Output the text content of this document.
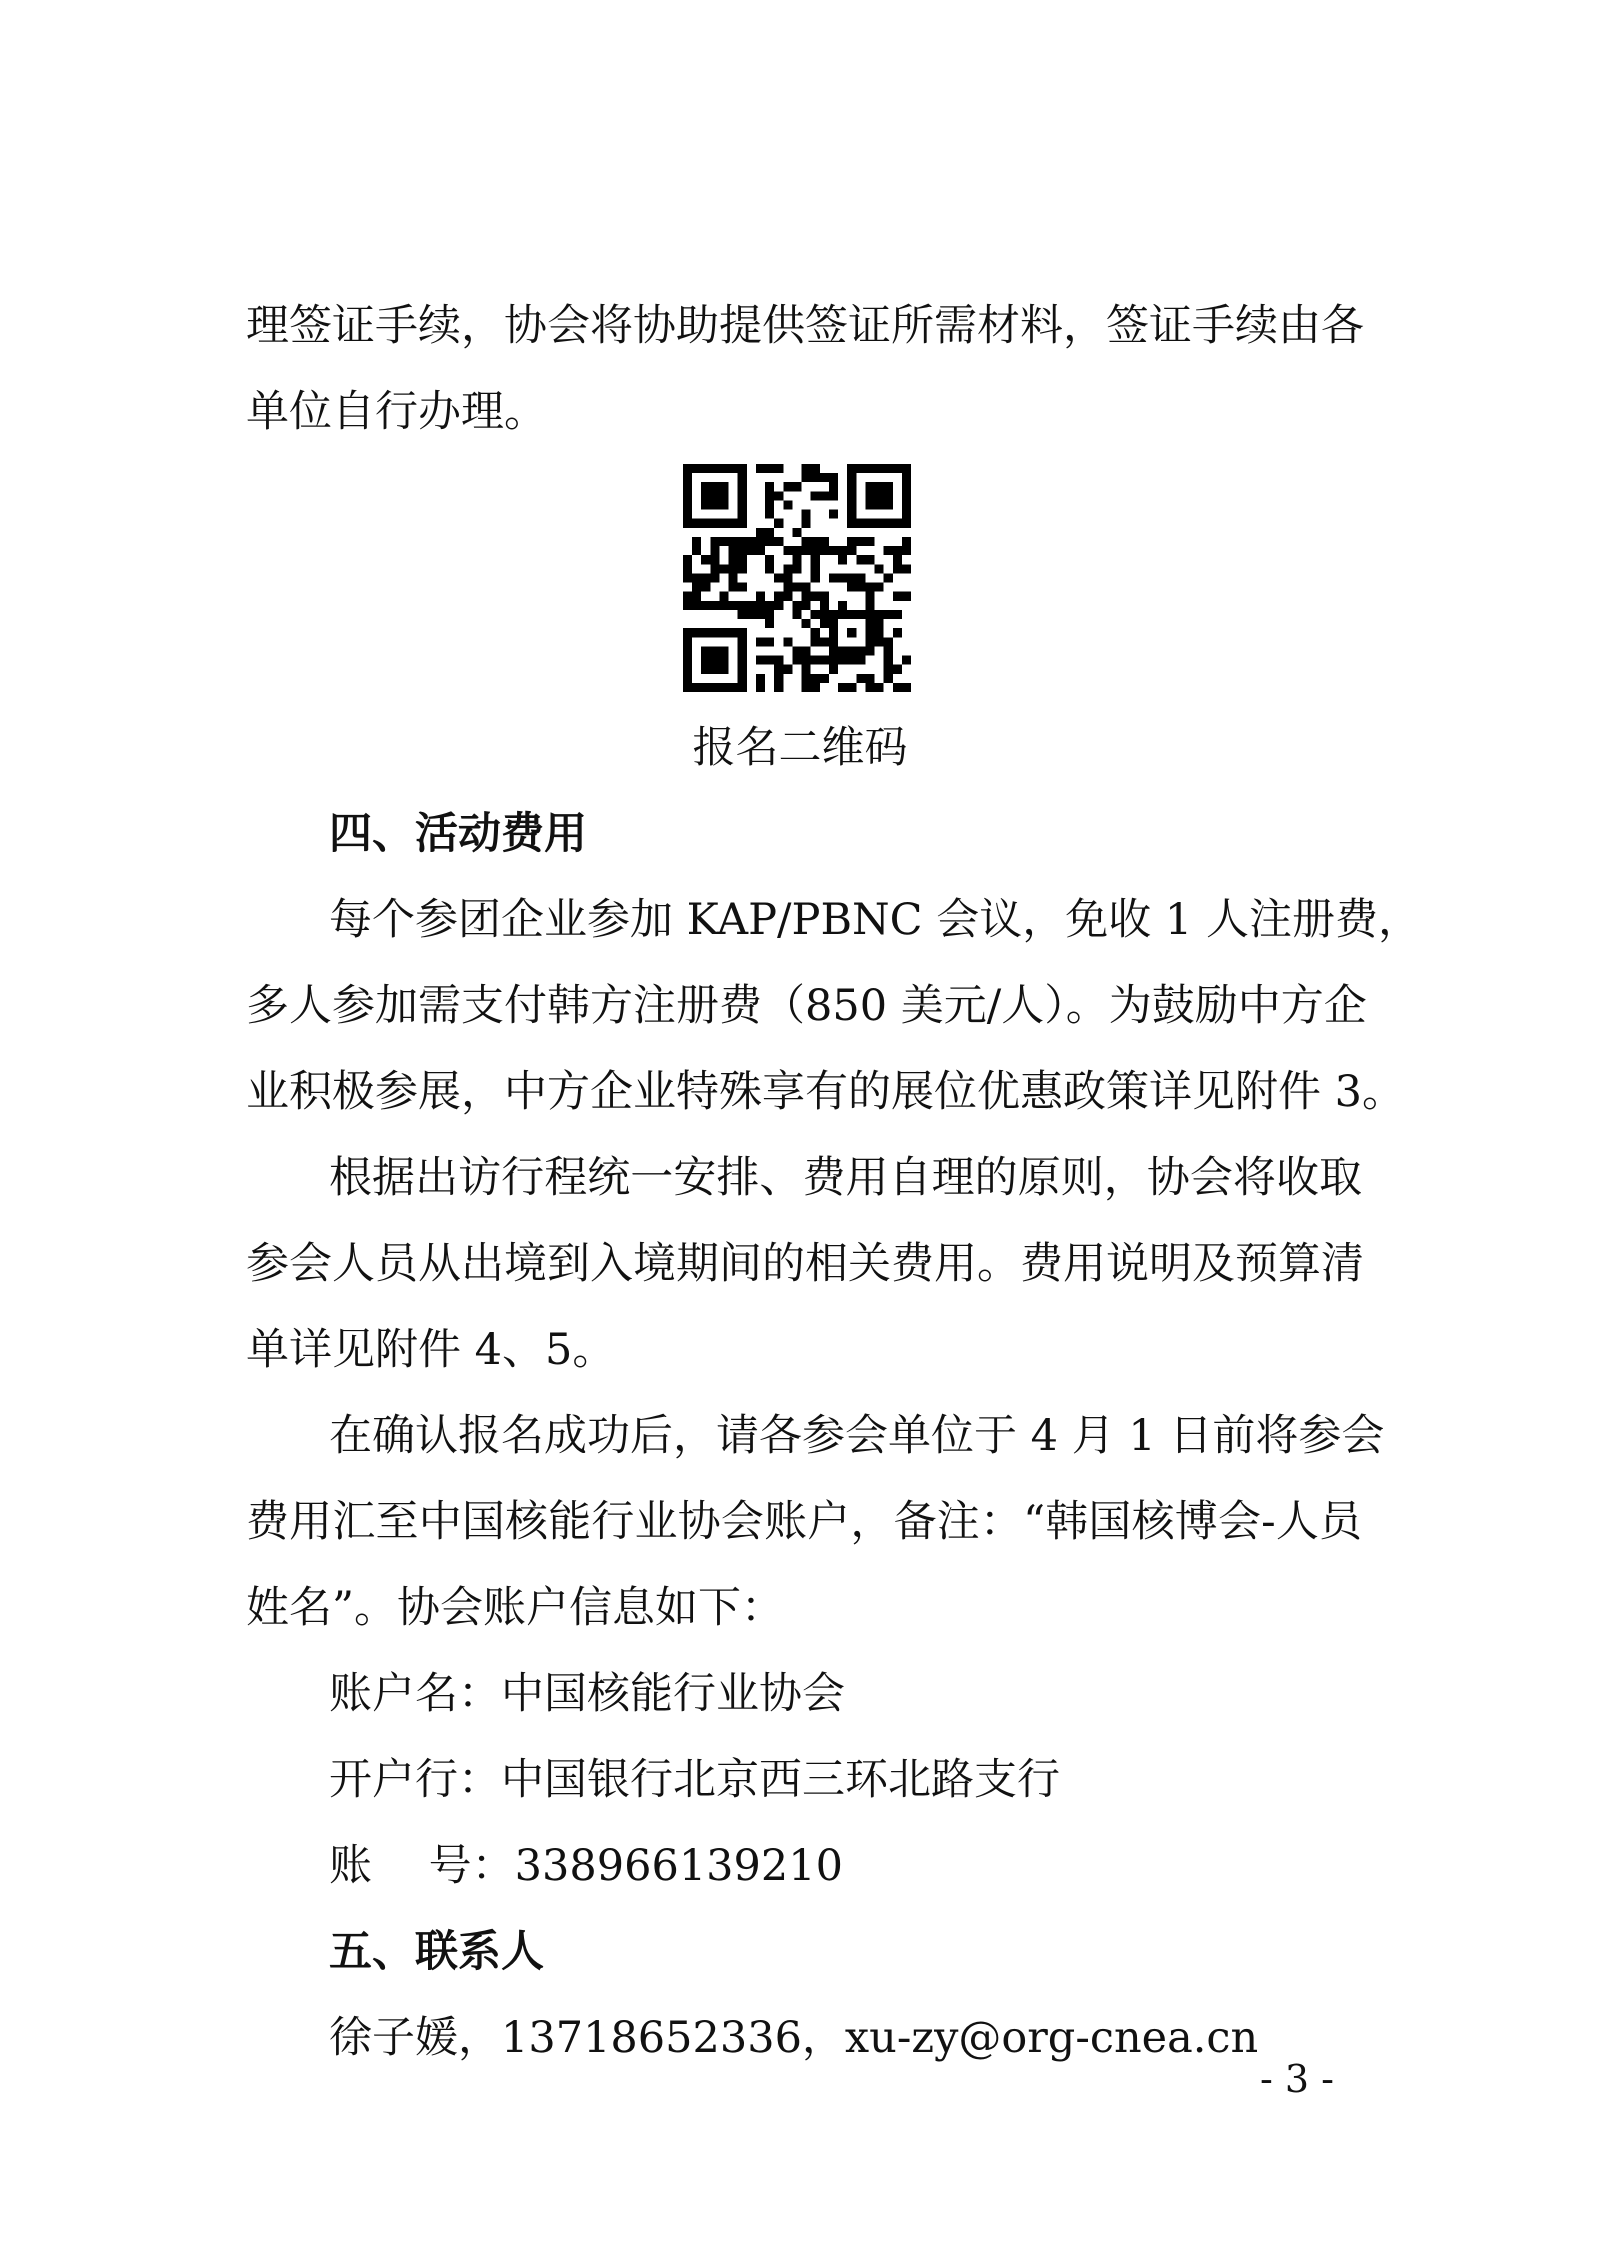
理签证手续，协会将协助提供签证所需材料，签证手续由各
单位自行办理。
报名二维码
四、活动费用
每个参团企业参加 KAP/PBNC 会议，免收 1 人注册费，
多人参加需支付韩方注册费（850 美元/人）。为鼓励中方企
业积极参展，中方企业特殊享有的展位优惠政策详见附件 3。
根据出访行程统一安排、费用自理的原则，协会将收取
参会人员从出境到入境期间的相关费用。费用说明及预算清
单详见附件 4、5。
在确认报名成功后，请各参会单位于 4 月 1 日前将参会
费用汇至中国核能行业协会账户，备注：“韩国核博会-人员
姓名”。协会账户信息如下：
账户名：中国核能行业协会
开户行：中国银行北京西三环北路支行
账　 号：338966139210
五、联系人
徐子媛，13718652336，xu-zy@org-cnea.cn
- 3 -
